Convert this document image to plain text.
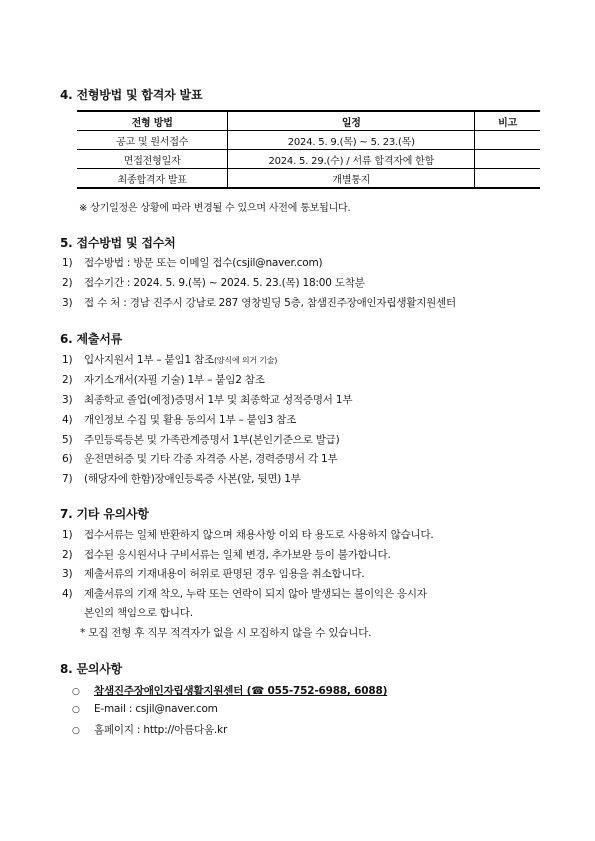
4. 전형방법 및 합격자 발표
전형 방법	일정	비고
공고 및 원서접수	2024. 5. 9.(목) ~ 5. 23.(목)	
면접전형일자	2024. 5. 29.(수) / 서류 합격자에 한함	
최종합격자 발표	개별통지	
※ 상기일정은 상황에 따라 변경될 수 있으며 사전에 통보됩니다.
5. 접수방법 및 접수처
1) 접수방법 : 방문 또는 이메일 접수(csjil@naver.com)
2) 접수기간 : 2024. 5. 9.(목) ~ 2024. 5. 23.(목) 18:00 도착분
3) 접 수 처 : 경남 진주시 강남로 287 영창빌딩 5층, 참샘진주장애인자립생활지원센터
6. 제출서류
1) 입사지원서 1부 – 붙임1 참조(양식에 의거 기술)
2) 자기소개서(자필 기술) 1부 – 붙임2 참조
3) 최종학교 졸업(예정)증명서 1부 및 최종학교 성적증명서 1부
4) 개인정보 수집 및 활용 동의서 1부 – 붙임3 참조
5) 주민등록등본 및 가족관계증명서 1부(본인기준으로 발급)
6) 운전면허증 및 기타 각종 자격증 사본, 경력증명서 각 1부
7) (해당자에 한함)장애인등록증 사본(앞, 뒷면) 1부
7. 기타 유의사항
1) 접수서류는 일체 반환하지 않으며 채용사항 이외 타 용도로 사용하지 않습니다.
2) 접수된 응시원서나 구비서류는 일체 변경, 추가보완 등이 불가합니다.
3) 제출서류의 기재내용이 허위로 판명된 경우 임용을 취소합니다.
4) 제출서류의 기재 착오, 누락 또는 연락이 되지 않아 발생되는 불이익은 응시자
본인의 책임으로 합니다.
* 모집 전형 후 직무 적격자가 없을 시 모집하지 않을 수 있습니다.
8. 문의사항
○ 참샘진주장애인자립생활지원센터 (☎ 055-752-6988, 6088)
○ E-mail : csjil@naver.com
○ 홈페이지 : http://아름다움.kr
